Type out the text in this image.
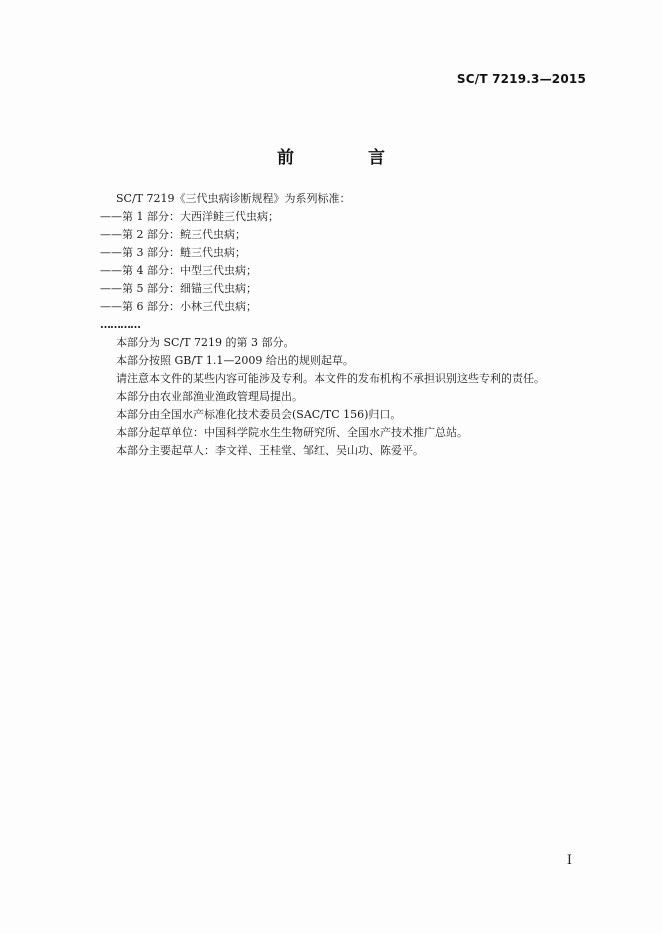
SC/T 7219.3—2015
前 言
SC/T 7219《三代虫病诊断规程》为系列标准：
——第 1 部分：大西洋鲑三代虫病；
——第 2 部分：鲩三代虫病；
——第 3 部分：鲢三代虫病；
——第 4 部分：中型三代虫病；
——第 5 部分：细锚三代虫病；
——第 6 部分：小林三代虫病；
…………
本部分为 SC/T 7219 的第 3 部分。
本部分按照 GB/T 1.1—2009 给出的规则起草。
请注意本文件的某些内容可能涉及专利。本文件的发布机构不承担识别这些专利的责任。
本部分由农业部渔业渔政管理局提出。
本部分由全国水产标准化技术委员会(SAC/TC 156)归口。
本部分起草单位：中国科学院水生生物研究所、全国水产技术推广总站。
本部分主要起草人：李文祥、王桂堂、邹红、吴山功、陈爱平。
Ⅰ
